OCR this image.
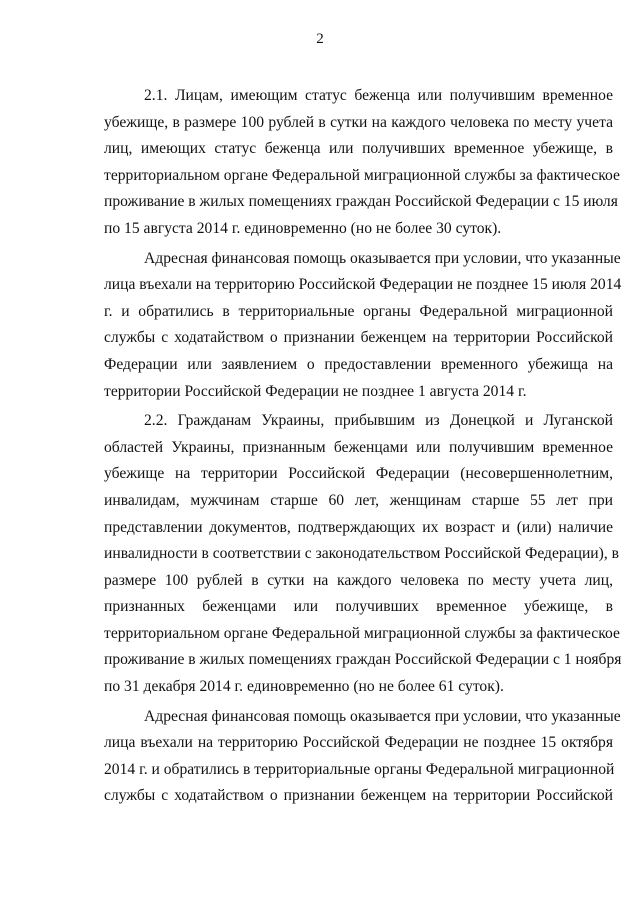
2
2.1. Лицам, имеющим статус беженца или получившим временное
убежище, в размере 100 рублей в сутки на каждого человека по месту учета
лиц, имеющих статус беженца или получивших временное убежище, в
территориальном органе Федеральной миграционной службы за фактическое
проживание в жилых помещениях граждан Российской Федерации с 15 июля
по 15 августа 2014 г. единовременно (но не более 30 суток).
Адресная финансовая помощь оказывается при условии, что указанные
лица въехали на территорию Российской Федерации не позднее 15 июля 2014
г. и обратились в территориальные органы Федеральной миграционной
службы с ходатайством о признании беженцем на территории Российской
Федерации или заявлением о предоставлении временного убежища на
территории Российской Федерации не позднее 1 августа 2014 г.
2.2. Гражданам Украины, прибывшим из Донецкой и Луганской
областей Украины, признанным беженцами или получившим временное
убежище на территории Российской Федерации (несовершеннолетним,
инвалидам, мужчинам старше 60 лет, женщинам старше 55 лет при
представлении документов, подтверждающих их возраст и (или) наличие
инвалидности в соответствии с законодательством Российской Федерации), в
размере 100 рублей в сутки на каждого человека по месту учета лиц,
признанных беженцами или получивших временное убежище, в
территориальном органе Федеральной миграционной службы за фактическое
проживание в жилых помещениях граждан Российской Федерации с 1 ноября
по 31 декабря 2014 г. единовременно (но не более 61 суток).
Адресная финансовая помощь оказывается при условии, что указанные
лица въехали на территорию Российской Федерации не позднее 15 октября
2014 г. и обратились в территориальные органы Федеральной миграционной
службы с ходатайством о признании беженцем на территории Российской
